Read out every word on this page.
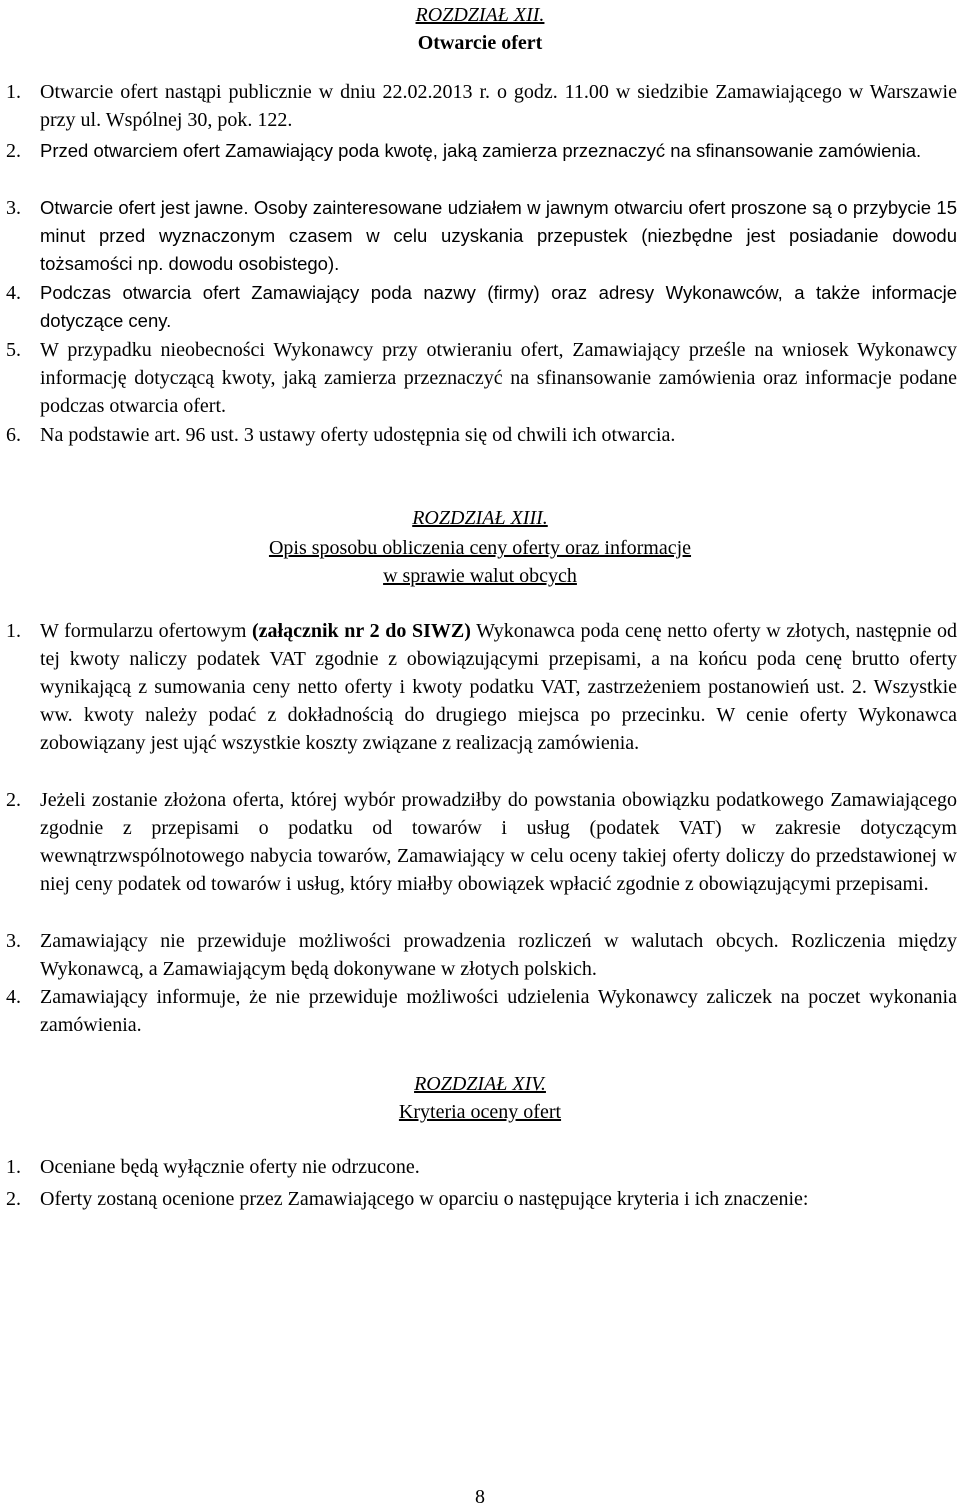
ROZDZIAŁ XII.
Otwarcie ofert
1. Otwarcie ofert nastąpi publicznie w dniu 22.02.2013 r. o godz. 11.00 w siedzibie Zamawiającego w Warszawie przy ul. Wspólnej 30, pok. 122.
2.	Przed otwarciem ofert Zamawiający poda kwotę, jaką zamierza przeznaczyć na sfinansowanie zamówienia.
3.	Otwarcie ofert jest jawne. Osoby zainteresowane udziałem w jawnym otwarciu ofert proszone są o przybycie 15 minut przed wyznaczonym czasem w celu uzyskania przepustek (niezbędne jest posiadanie dowodu tożsamości np. dowodu osobistego).
4.	Podczas otwarcia ofert Zamawiający poda nazwy (firmy) oraz adresy Wykonawców, a także informacje dotyczące ceny.
5. W przypadku nieobecności Wykonawcy przy otwieraniu ofert, Zamawiający prześle na wniosek Wykonawcy informację dotyczącą kwoty, jaką zamierza przeznaczyć na sfinansowanie zamówienia oraz informacje podane podczas otwarcia ofert.
6. Na podstawie art. 96 ust. 3 ustawy oferty udostępnia się od chwili ich otwarcia.
ROZDZIAŁ XIII.
Opis sposobu obliczenia ceny oferty oraz informacje
w sprawie walut obcych
1. W formularzu ofertowym (załącznik nr 2 do SIWZ) Wykonawca poda cenę netto oferty w złotych, następnie od tej kwoty naliczy podatek VAT zgodnie z obowiązującymi przepisami, a na końcu poda cenę brutto oferty wynikającą z sumowania ceny netto oferty i kwoty podatku VAT, zastrzeżeniem postanowień ust. 2. Wszystkie ww. kwoty należy podać z dokładnością do drugiego miejsca po przecinku. W cenie oferty Wykonawca zobowiązany jest ująć wszystkie koszty związane z realizacją zamówienia.
2. Jeżeli zostanie złożona oferta, której wybór prowadziłby do powstania obowiązku podatkowego Zamawiającego zgodnie z przepisami o podatku od towarów i usług (podatek VAT) w zakresie dotyczącym wewnątrzwspólnotowego nabycia towarów, Zamawiający w celu oceny takiej oferty doliczy do przedstawionej w niej ceny podatek od towarów i usług, który miałby obowiązek wpłacić zgodnie z obowiązującymi przepisami.
3. Zamawiający nie przewiduje możliwości prowadzenia rozliczeń w walutach obcych. Rozliczenia między Wykonawcą, a Zamawiającym będą dokonywane w złotych polskich.
4. Zamawiający informuje, że nie przewiduje możliwości udzielenia Wykonawcy zaliczek na poczet wykonania zamówienia.
ROZDZIAŁ XIV.
Kryteria oceny ofert
1. Oceniane będą wyłącznie oferty nie odrzucone.
2. Oferty zostaną ocenione przez Zamawiającego w oparciu o następujące kryteria i ich znaczenie:
8
